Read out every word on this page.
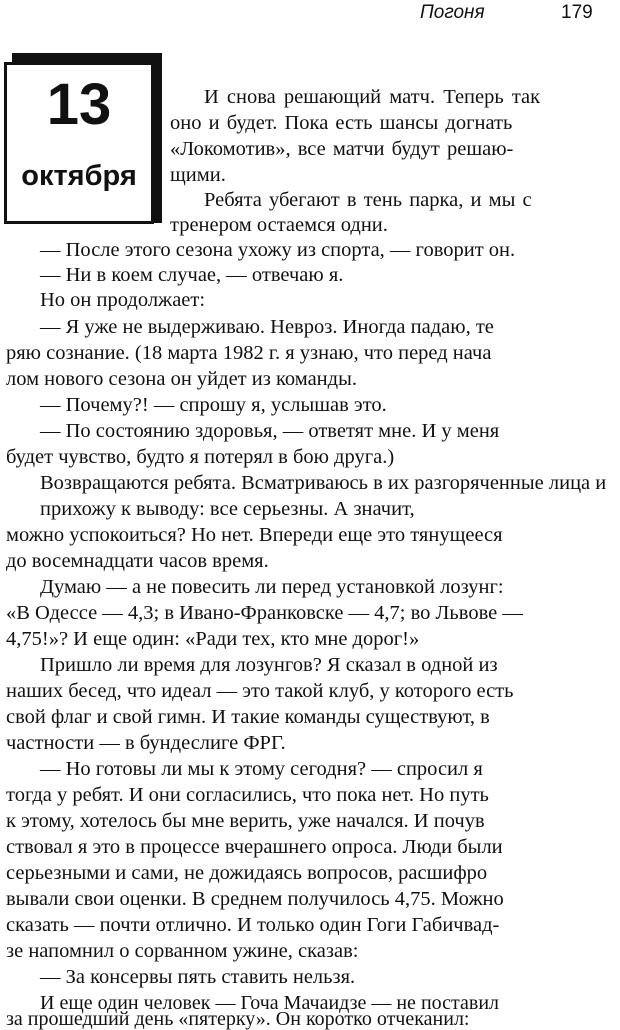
Погоня	179
13
октября
И снова решающий матч. Теперь так
оно и будет. Пока есть шансы догнать
«Локомотив», все матчи будут решаю-
щими.
Ребята убегают в тень парка, и мы с
тренером остаемся одни.
— После этого сезона ухожу из спорта, — говорит он.
— Ни в коем случае, — отвечаю я.
Но он продолжает:
— Я уже не выдерживаю. Невроз. Иногда падаю, те
ряю сознание. (18 марта 1982 г. я узнаю, что перед нача
лом нового сезона он уйдет из команды.
— Почему?! — спрошу я, услышав это.
— По состоянию здоровья, — ответят мне. И у меня
будет чувство, будто я потерял в бою друга.)
Возвращаются ребята. Всматриваюсь в их разгоряченные лица и прихожу к выводу: все серьезны. А значит,
можно успокоиться? Но нет. Впереди еще это тянущееся
до восемнадцати часов время.
Думаю — а не повесить ли перед установкой лозунг:
«В Одессе — 4,3; в Ивано-Франковске — 4,7; во Львове —
4,75!»? И еще один: «Ради тех, кто мне дорог!»
Пришло ли время для лозунгов? Я сказал в одной из
наших бесед, что идеал — это такой клуб, у которого есть
свой флаг и свой гимн. И такие команды существуют, в
частности — в бундеслиге ФРГ.
— Но готовы ли мы к этому сегодня? — спросил я
тогда у ребят. И они согласились, что пока нет. Но путь
к этому, хотелось бы мне верить, уже начался. И почув
ствовал я это в процессе вчерашнего опроса. Люди были
серьезными и сами, не дожидаясь вопросов, расшифро
вывали свои оценки. В среднем получилось 4,75. Можно
сказать — почти отлично. И только один Гоги Габичвад-
зе напомнил о сорванном ужине, сказав:
— За консервы пять ставить нельзя.
И еще один человек — Гоча Мачаидзе — не поставил
за прошедший день «пятерку». Он коротко отчеканил:
